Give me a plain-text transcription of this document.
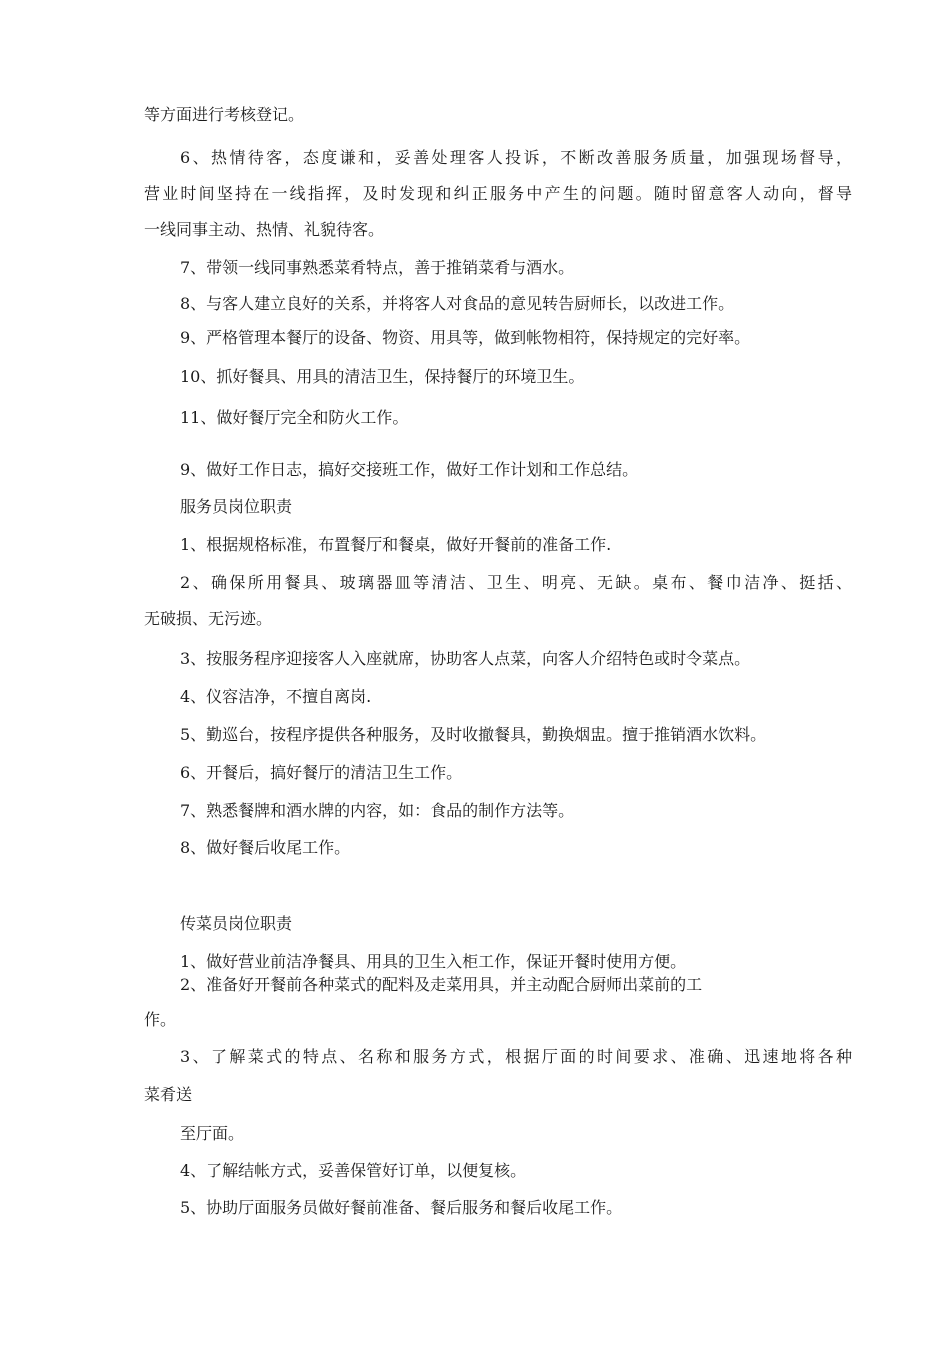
等方面进行考核登记。

6、热情待客，态度谦和，妥善处理客人投诉，不断改善服务质量，加强现场督导，

营业时间坚持在一线指挥，及时发现和纠正服务中产生的问题。随时留意客人动向，督导

一线同事主动、热情、礼貌待客。

7、带领一线同事熟悉菜肴特点，善于推销菜肴与酒水。

8、与客人建立良好的关系，并将客人对食品的意见转告厨师长，以改进工作。

9、严格管理本餐厅的设备、物资、用具等，做到帐物相符，保持规定的完好率。

10、抓好餐具、用具的清洁卫生，保持餐厅的环境卫生。

11、做好餐厅完全和防火工作。

9、做好工作日志，搞好交接班工作，做好工作计划和工作总结。

服务员岗位职责

1、根据规格标准，布置餐厅和餐桌，做好开餐前的准备工作.

2、确保所用餐具、玻璃器皿等清洁、卫生、明亮、无缺。桌布、餐巾洁净、挺括、

无破损、无污迹。

3、按服务程序迎接客人入座就席，协助客人点菜，向客人介绍特色或时令菜点。

4、仪容洁净，不擅自离岗.

5、勤巡台，按程序提供各种服务，及时收撤餐具，勤换烟盅。擅于推销酒水饮料。

6、开餐后，搞好餐厅的清洁卫生工作。

7、熟悉餐牌和酒水牌的内容，如：食品的制作方法等。

8、做好餐后收尾工作。

传菜员岗位职责

1、做好营业前洁净餐具、用具的卫生入柜工作，保证开餐时使用方便。

2、准备好开餐前各种菜式的配料及走菜用具，并主动配合厨师出菜前的工

作。

3、了解菜式的特点、名称和服务方式，根据厅面的时间要求、准确、迅速地将各种

菜肴送

至厅面。

4、了解结帐方式，妥善保管好订单，以便复核。

5、协助厅面服务员做好餐前准备、餐后服务和餐后收尾工作。
